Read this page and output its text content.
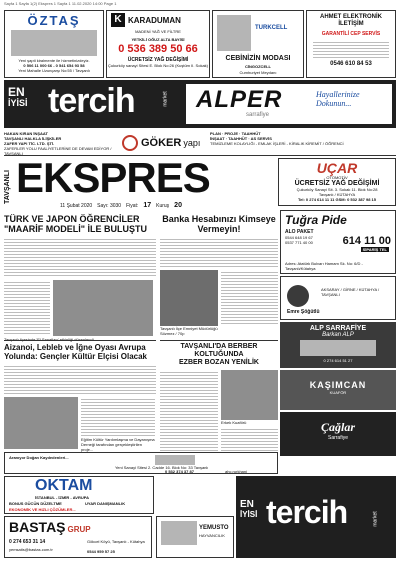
Sayfa 1 Sayfa 1(2) Ekspres 1 Sayfa 1 11.02.2020 14:00 Page 1
ÖZTAŞ
Yeni şapti kiralmente ile hizmetinizdeyiz.
0 506 11 000 66 - 0 541 654 93 58
Yeni Mahalle Uzunçarşı No:55 / Tavşanlı
K KARADUMAN
MADENİ YAĞ VE FİLTRE
YETKİLİ OĞUZ ALTA BAYİSİ
0 536 389 50 66
ÜCRETSİZ YAĞ DEĞİŞİMİ
Çukurköy sanayi Sitesi E. Blok No:26 (Kuştüm II. Sokak)
TURKCELL
CEBİNİZİN MODASI
CİNGOZCELL
Cumhuriyet Meydanı
AHMET ELEKTRONİK İLETİŞİM
GARANTİLİ CEP SERVİS
0546 610 84 53
EN
İYİSİ tercih	market ALPER
sarrafiye
Hayallerinize Dokunun...
HAKAN KIRAN İNŞAAT
TAVŞANLI HALKLA İLİŞKİLER
ZAFER YAPI TİC. LTD. ŞTİ.
ZAFERLER YOLU FAALİYETLERİNE DE DEVAM EDİYOR / TAVŞANLI
GÖKER yapı
PLAN · PROJE · TAAHHÜT
İNŞAAT · TAAHHÜT · AS SERVİS
TEMİZLEME KOLAYLIĞI - EMLAK İŞLERİ - KİRALIK KİREMİT / ÖĞRENCİ
TAVŞANLI EKSPRES
11 Şubat 2020 Sayı: 3030 Fiyat: 17 Kuruş 20
UÇAR
OTOMOTİV
ÜCRETSİZ YAĞ DEĞİŞİMİ
Çukurköy Sanayi Sit. 3. Sokak 11. Blok No:28
Tavşanlı / KÜTAHYA
Tel: 0 274 614 11 11 GSM: 0 532 387 98 15
TÜRK VE JAPON ÖĞRENCİLER
"MAARİF MODELİ" İLE BULUŞTU
Tavşanlı ilçesinde 'El Sanatları' etkinliği düzenlendi.
Banka Hesabınızı Kimseye
Vermeyin!
Tavşanlı İlçe Emniyet Müdürlüğü
Sözmez / 70p
Tuğra Pide
ALO PAKET
0544 648 19 67
0537 771 40 00	614 11 00
SİPARİŞ TEL
Adres: Atatürk Bulvarı Hamam Sk. No: 6/D - Tavşanlı/Kütahya
Emre Şöğütlü
AKSARAY / GİRNE / KÜTAHYA / TAVŞANLI
Aizanoi, Lebleb ve İğne Oyası Avrupa
Yolunda: Gençler Kültür Elçisi Olacak
Eğitim Kültür Yardımlaşma ve Dayanışma Derneği tarafından gerçekleştirilen proje...
TAVŞANLI'DA BERBER KOLTUĞUNDA
EZBER BOZAN YENİLİK
Erkek Kuaförü
ALP SARRAFİYE
Barkan ALP
0 274 614 51 27
KAŞIMCAN
KUAFÖR
Çağlar
Sarrafiye
Aranıyor Doğan Kaydedenleri...
Yeni Sanayi Sitesi 2. Cadde 16. Blok No: 33 Tavşanlı
0 532 374 37 87	ahc.rurkhani
OKTAM
İSTANBUL - İZMİR - AVRUPA
BONUS GÜCÜN DÜZELTME	UYAR DANIŞMANLIK
EKONOMİK VE HIZLI ÇÖZÜMLER...
BASTAŞ GRUP
0 274 653 31 14
yemsatis@bastas.com.tr
Gökcel Köyü, Tavşanlı - Kütahya
0544 959 57 25
YEMUSTO
HAYVANCILIK
EN
İYİSİ tercih	market
